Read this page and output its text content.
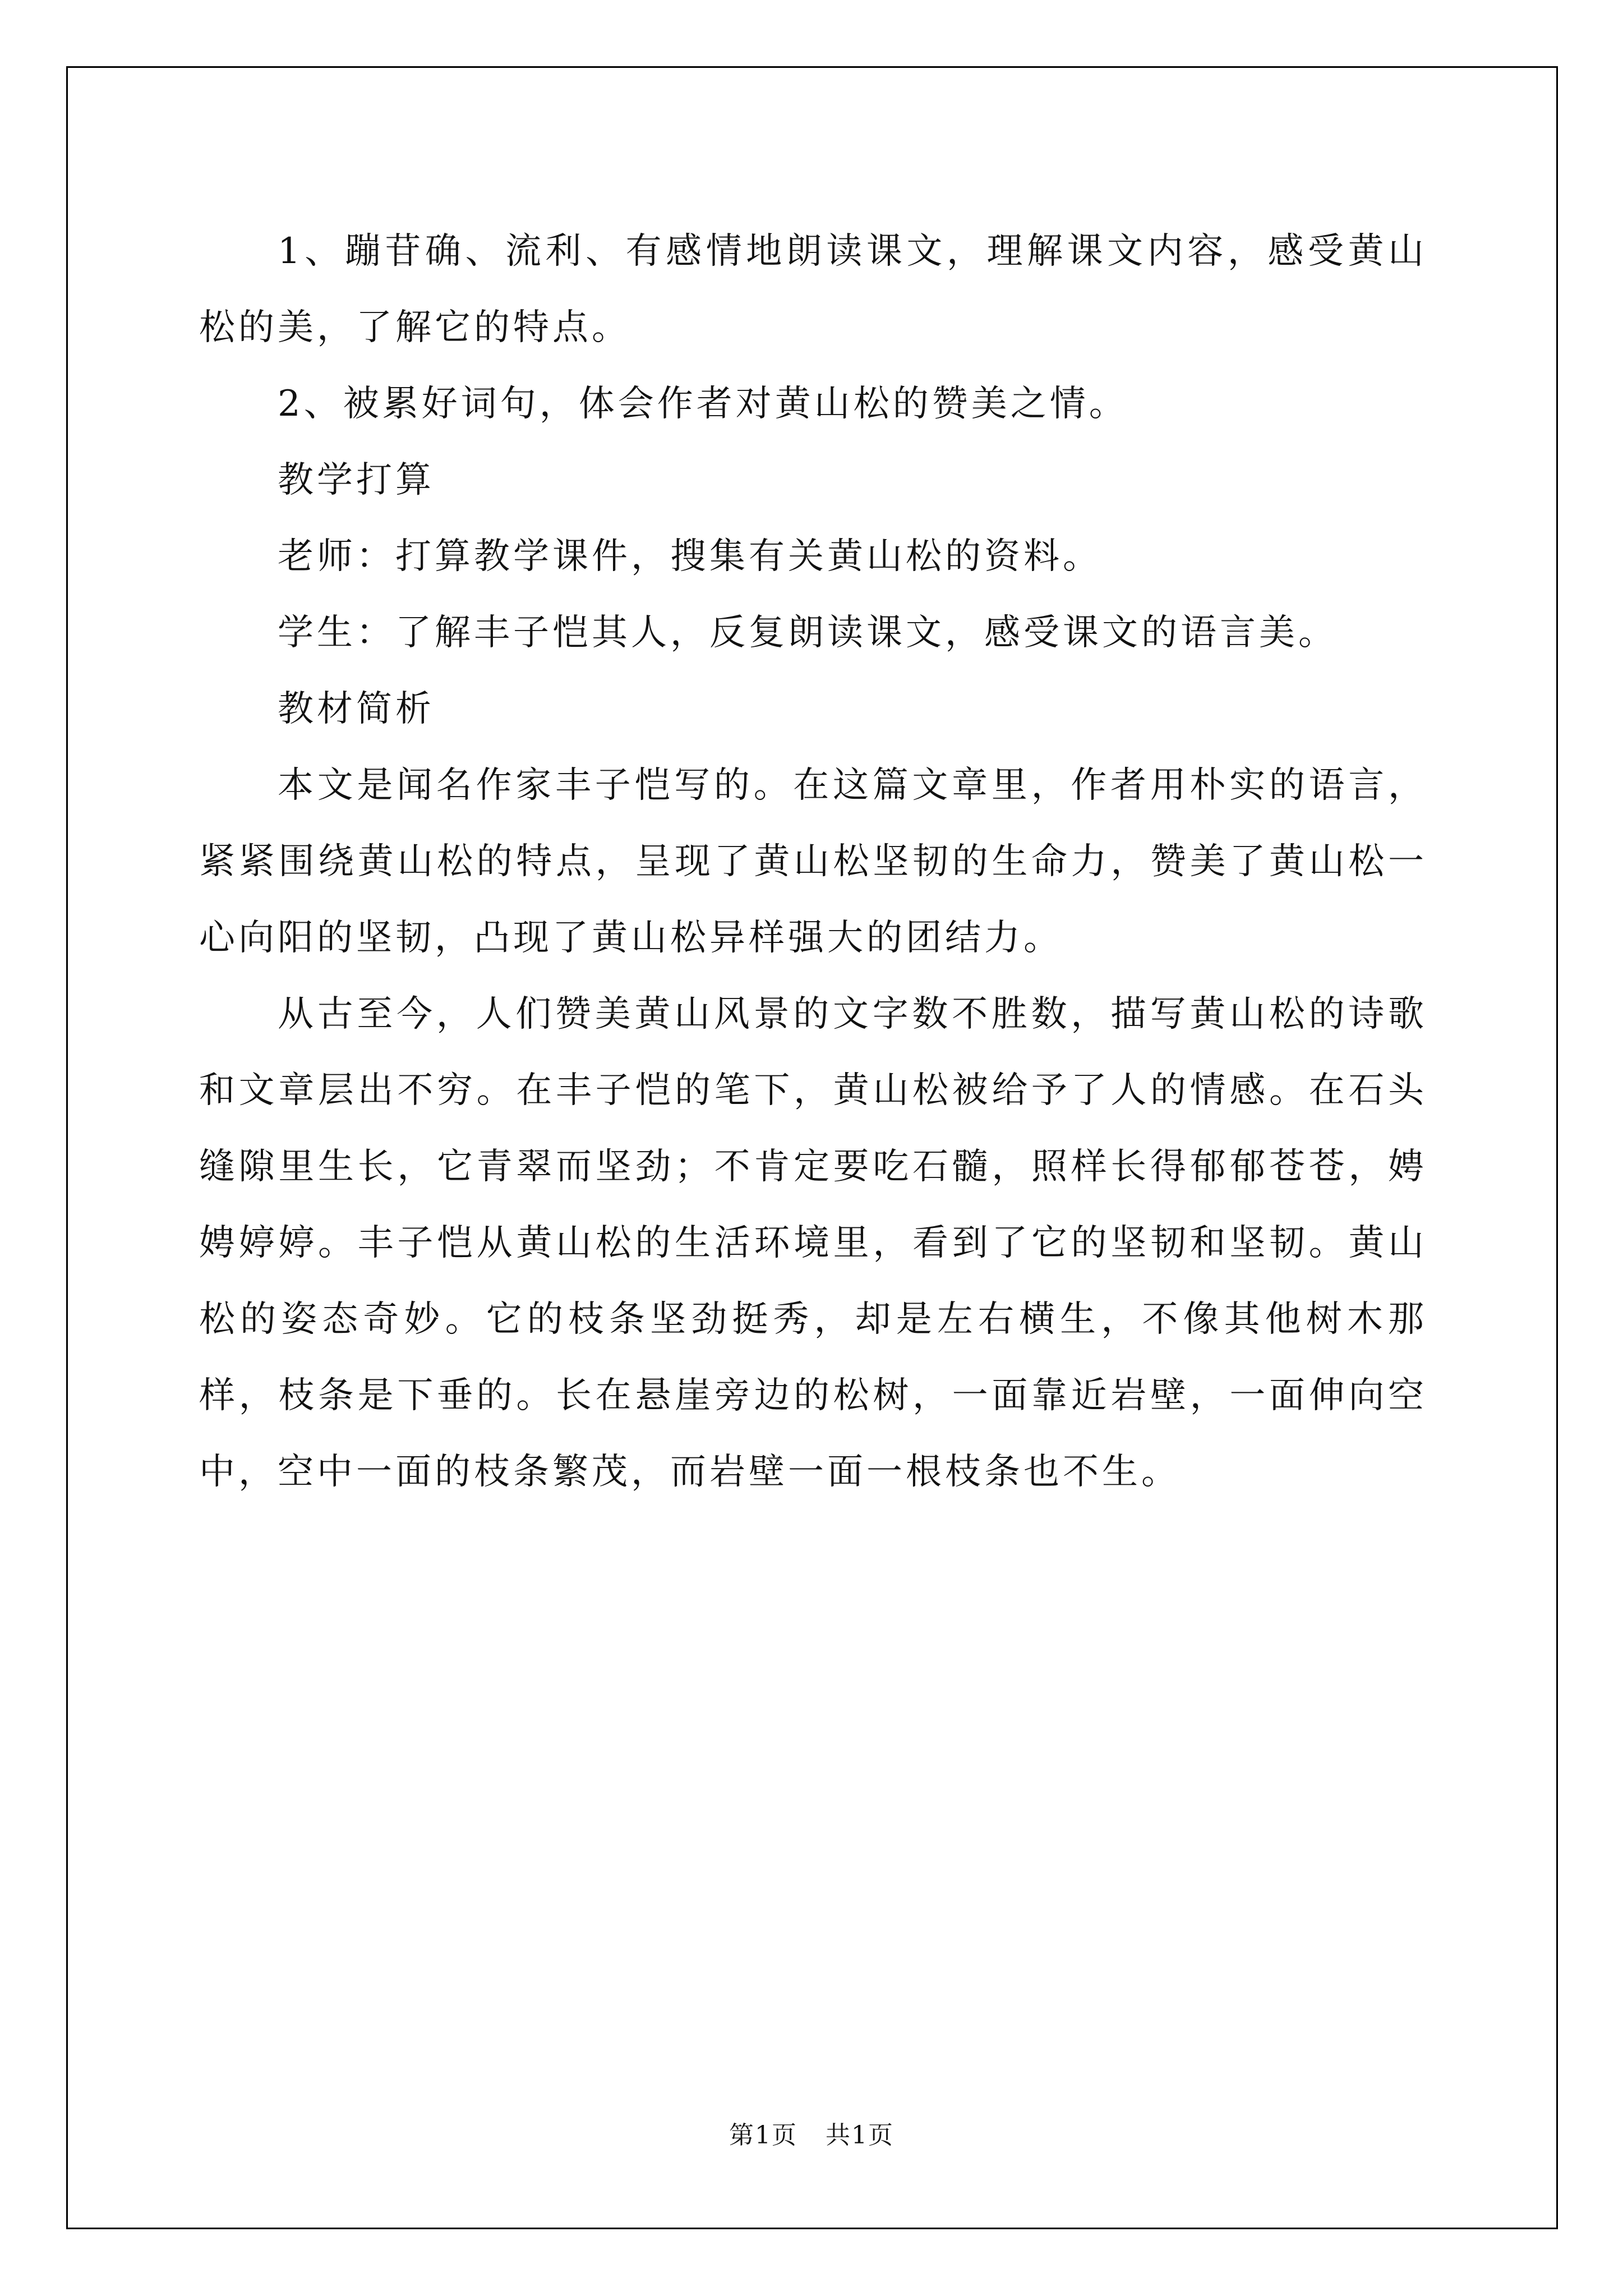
1、蹦苷确、流利、有感情地朗读课文，理解课文内容，感受黄山松的美，了解它的特点。

2、被累好词句，体会作者对黄山松的赞美之情。

教学打算

老师：打算教学课件，搜集有关黄山松的资料。

学生：了解丰子恺其人，反复朗读课文，感受课文的语言美。

教材简析

本文是闻名作家丰子恺写的。在这篇文章里，作者用朴实的语言，紧紧围绕黄山松的特点，呈现了黄山松坚韧的生命力，赞美了黄山松一心向阳的坚韧，凸现了黄山松异样强大的团结力。

从古至今，人们赞美黄山风景的文字数不胜数，描写黄山松的诗歌和文章层出不穷。在丰子恺的笔下，黄山松被给予了人的情感。在石头缝隙里生长，它青翠而坚劲；不肯定要吃石髓，照样长得郁郁苍苍，娉娉婷婷。丰子恺从黄山松的生活环境里，看到了它的坚韧和坚韧。黄山松的姿态奇妙。它的枝条坚劲挺秀，却是左右横生，不像其他树木那样，枝条是下垂的。长在悬崖旁边的松树，一面靠近岩壁，一面伸向空中，空中一面的枝条繁茂，而岩壁一面一根枝条也不生。

第1页 共1页
